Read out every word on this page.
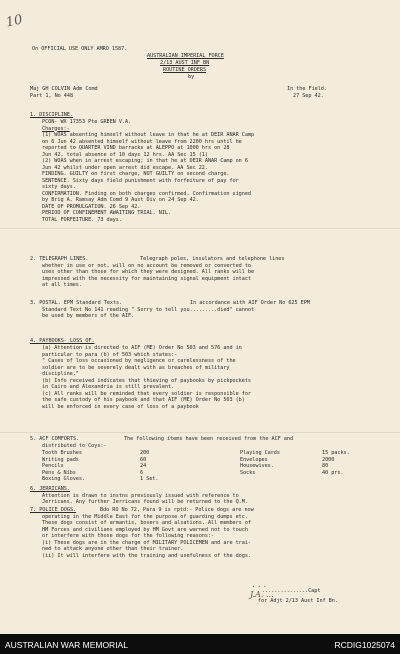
10
On OFFICIAL USE ONLY AMRO 1587.
AUSTRALIAN IMPERIAL FORCE
2/13 AUST INF BN
ROUTINE ORDERS
by
Maj GH COLVIN Adm Comd
Part 1, No 448
In the Field.
27 Sep 42.
1. DISCIPLINE.
PCON- WX 17353 Pte GREEN V.A.
Charges:-
(1) WOAS absenting himself without leave in that he at DEIR ANAR Camp
on 6 Jun 42 absented himself without leave from 2200 hrs until he
reported to QUARTER VIND barracks at ALEPPO at 1000 hrs on 28
Jun 42, total absence of 10 days 12 hrs. AA Sec 15 (1)
(2) WOAS when in arrest escaping; in that he at DEIR ANAR Camp on 6
Jun 42 whilst under open arrest did escape. AA Sec 22.
FINDING. GUILTY on first charge, NOT GUILTY on second charge.
SENTENCE. Sixty days field punishment with forfeiture of pay for
sixty days.
CONFIRMATION. Finding on both charges confirmed. Confirmation signed
by Brig A. Ramsay Adm Comd 9 Aust Div on 24 Sep 42.
DATE OF PROMULGATION. 26 Sep 42.
PERIOD OF CONFINEMENT AWAITING TRIAL. NIL.
TOTAL FORFEITURE. 73 days.
2. TELEGRAPH LINES.	Telegraph poles, insulators and telephone lines
whether in use or not, will on no account be removed or converted to
uses other than those for which they were designed. All ranks will be
impressed with the necessity for maintaining signal equipment intact
at all times.
3. POSTAL. EPM Standard Texts.	In accordance with AIF Order No 625 EPM
Standard Text No 141 reading " Sorry to tell you.........died" cannot
be used by members of the AIF.
4. PAYBOOKS- LOSS OF.
(a) Attention is directed to AIF (ME) Order No 503 and 576 and in
particular to para (b) of 503 which states:-
" Cases of loss occasioned by negligence or carelessness of the
soldier are to be severely dealt with as breaches of military
discipline,"
(b) Info received indicates that thieving of paybooks by pickpockets
in Cairo and Alexandria is still prevalent.
(c) All ranks will be reminded that every soldier is responsible for
the safe custody of his paybook and that AIF (ME) Order No 503 (b)
will be enforced in every case of loss of a paybook
5. ACF COMFORTS.	The following items have been received from the ACF and
distributed to Coys:-
Tooth Brushes	200
Writing pads	60
Pencils	24
Pens & Nibs	6
Boxing Gloves.	1 Set.
Playing Cards	15 packs.
Envelopes	2000
Housewives.	80
Socks	40 prs.
6. JERRICANS.
Attention is drawn to instns previously issued with reference to
Jerricans. Any further Jerricans found will be returned to the Q.M.
7. POLICE DOGS.	Bdo RO No 72, Para 9 is rptd:- Police dogs are now
operating in the Middle East for the purpose of guarding dumps etc.
These dogs consist of armantis, boxers and alsations. All members of
HM Forces and civilians employed by HM Govt are warned not to touch
or interfere with those dogs for the following reasons:-
(i) These dogs are in the charge of MILITARY POLICEMEN and are trai-
ned to attack anyone other than their trainer.
(ii) It will interfere with the training and usefulness of the dogs.
. . .
J.A. ...
...............Capt
for Adjt 2/13 Aust Inf Bn.
AUSTRALIAN WAR MEMORIAL	RCDIG1025074
